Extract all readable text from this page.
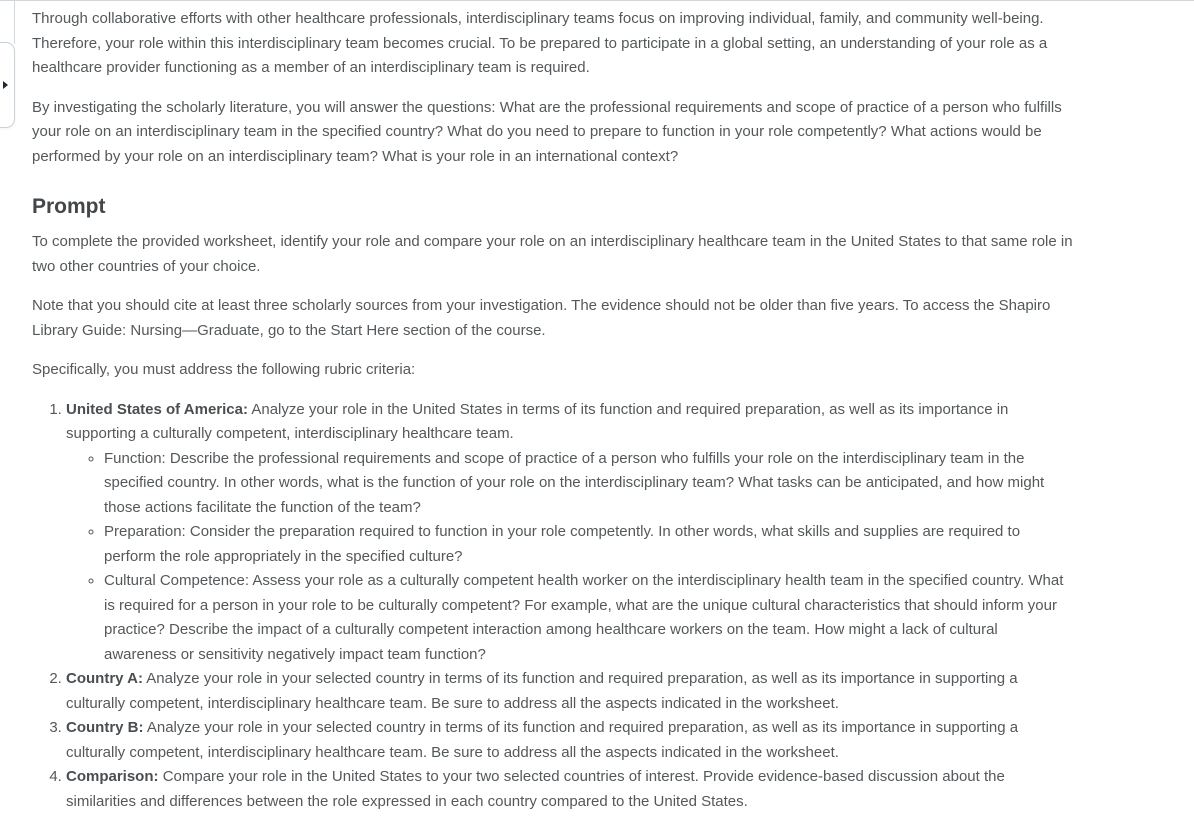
Through collaborative efforts with other healthcare professionals, interdisciplinary teams focus on improving individual, family, and community well-being. Therefore, your role within this interdisciplinary team becomes crucial. To be prepared to participate in a global setting, an understanding of your role as a healthcare provider functioning as a member of an interdisciplinary team is required.

By investigating the scholarly literature, you will answer the questions: What are the professional requirements and scope of practice of a person who fulfills your role on an interdisciplinary team in the specified country? What do you need to prepare to function in your role competently? What actions would be performed by your role on an interdisciplinary team? What is your role in an international context?

Prompt

To complete the provided worksheet, identify your role and compare your role on an interdisciplinary healthcare team in the United States to that same role in two other countries of your choice.

Note that you should cite at least three scholarly sources from your investigation. The evidence should not be older than five years. To access the Shapiro Library Guide: Nursing—Graduate, go to the Start Here section of the course.

Specifically, you must address the following rubric criteria:

1. United States of America: Analyze your role in the United States in terms of its function and required preparation, as well as its importance in supporting a culturally competent, interdisciplinary healthcare team.
◦ Function: Describe the professional requirements and scope of practice of a person who fulfills your role on the interdisciplinary team in the specified country. In other words, what is the function of your role on the interdisciplinary team? What tasks can be anticipated, and how might those actions facilitate the function of the team?
◦ Preparation: Consider the preparation required to function in your role competently. In other words, what skills and supplies are required to perform the role appropriately in the specified culture?
◦ Cultural Competence: Assess your role as a culturally competent health worker on the interdisciplinary health team in the specified country. What is required for a person in your role to be culturally competent? For example, what are the unique cultural characteristics that should inform your practice? Describe the impact of a culturally competent interaction among healthcare workers on the team. How might a lack of cultural awareness or sensitivity negatively impact team function?
2. Country A: Analyze your role in your selected country in terms of its function and required preparation, as well as its importance in supporting a culturally competent, interdisciplinary healthcare team. Be sure to address all the aspects indicated in the worksheet.
3. Country B: Analyze your role in your selected country in terms of its function and required preparation, as well as its importance in supporting a culturally competent, interdisciplinary healthcare team. Be sure to address all the aspects indicated in the worksheet.
4. Comparison: Compare your role in the United States to your two selected countries of interest. Provide evidence-based discussion about the similarities and differences between the role expressed in each country compared to the United States.
